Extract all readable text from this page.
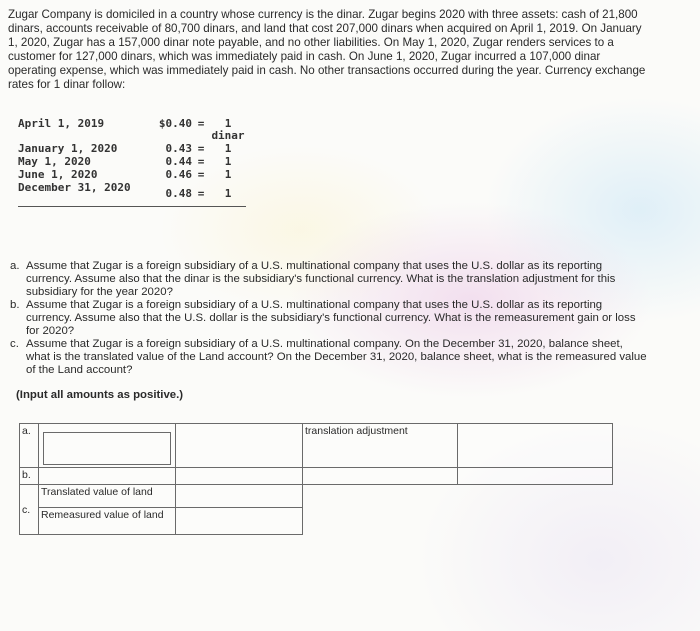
Zugar Company is domiciled in a country whose currency is the dinar. Zugar begins 2020 with three assets: cash of 21,800 dinars, accounts receivable of 80,700 dinars, and land that cost 207,000 dinars when acquired on April 1, 2019. On January 1, 2020, Zugar has a 157,000 dinar note payable, and no other liabilities. On May 1, 2020, Zugar renders services to a customer for 127,000 dinars, which was immediately paid in cash. On June 1, 2020, Zugar incurred a 107,000 dinar operating expense, which was immediately paid in cash. No other transactions occurred during the year. Currency exchange rates for 1 dinar follow:

April 1, 2019	$0.40 =	1 dinar
January 1, 2020	0.43 =	1
May 1, 2020	0.44 =	1
June 1, 2020	0.46 =	1
December 31, 2020	0.48 =	1
a. Assume that Zugar is a foreign subsidiary of a U.S. multinational company that uses the U.S. dollar as its reporting currency. Assume also that the dinar is the subsidiary's functional currency. What is the translation adjustment for this subsidiary for the year 2020?
b. Assume that Zugar is a foreign subsidiary of a U.S. multinational company that uses the U.S. dollar as its reporting currency. Assume also that the U.S. dollar is the subsidiary's functional currency. What is the remeasurement gain or loss for 2020?
c. Assume that Zugar is a foreign subsidiary of a U.S. multinational company. On the December 31, 2020, balance sheet, what is the translated value of the Land account? On the December 31, 2020, balance sheet, what is the remeasured value of the Land account?
(Input all amounts as positive.)
a.			translation adjustment	
b.				
c.	Translated value of land			
	Remeasured value of land			
